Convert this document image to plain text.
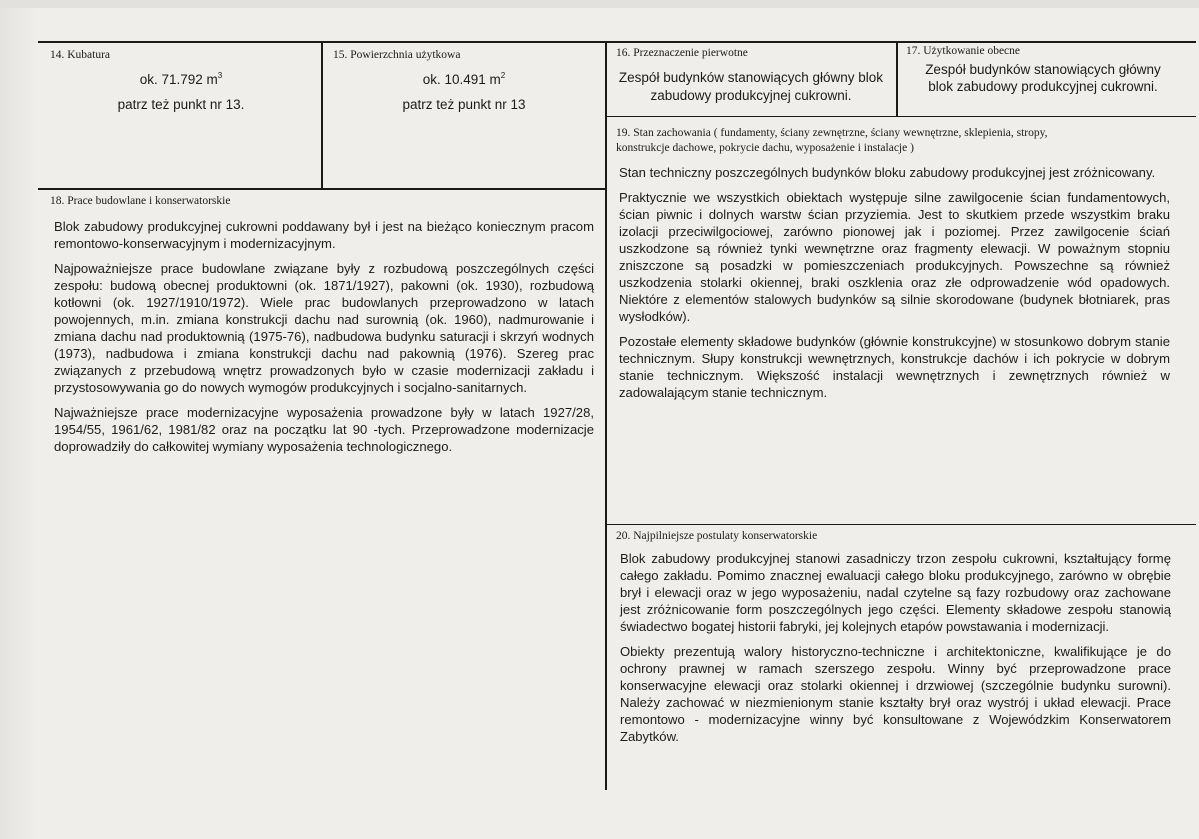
14. Kubatura
ok. 71.792 $m^3$
patrz też punkt nr 13.
15. Powierzchnia użytkowa
ok. 10.491 $m^2$
patrz też punkt nr 13
16. Przeznaczenie pierwotne
Zespół budynków stanowiących główny blok
zabudowy produkcyjnej cukrowni.
17. Użytkowanie obecne
Zespół budynków stanowiących główny
blok zabudowy produkcyjnej cukrowni.
18. Prace budowlane i konserwatorskie

Blok zabudowy produkcyjnej cukrowni poddawany był i jest na bieżąco koniecznym pracom remontowo-konserwacyjnym i modernizacyjnym.

Najpoważniejsze prace budowlane związane były z rozbudową poszczególnych części zespołu: budową obecnej produktowni (ok. 1871/1927), pakowni (ok. 1930), rozbudową kotłowni (ok. 1927/1910/1972). Wiele prac budowlanych przeprowadzono w latach powojennych, m.in. zmiana konstrukcji dachu nad surownią (ok. 1960), nadmurowanie i zmiana dachu nad produktownią (1975-76), nadbudowa budynku saturacji i skrzyń wodnych (1973), nadbudowa i zmiana konstrukcji dachu nad pakownią (1976). Szereg prac związanych z przebudową wnętrz prowadzonych było w czasie modernizacji zakładu i przystosowywania go do nowych wymogów produkcyjnych i socjalno-sanitarnych.

Najważniejsze prace modernizacyjne wyposażenia prowadzone były w latach 1927/28, 1954/55, 1961/62, 1981/82 oraz na początku lat 90 -tych. Przeprowadzone modernizacje doprowadziły do całkowitej wymiany wyposażenia technologicznego.

19. Stan zachowania ( fundamenty, ściany zewnętrzne, ściany wewnętrzne, sklepienia, stropy,
konstrukcje dachowe, pokrycie dachu, wyposażenie i instalacje )

Stan techniczny poszczególnych budynków bloku zabudowy produkcyjnej jest zróżnicowany.

Praktycznie we wszystkich obiektach występuje silne zawilgocenie ścian fundamentowych, ścian piwnic i dolnych warstw ścian przyziemia. Jest to skutkiem przede wszystkim braku izolacji przeciwilgociowej, zarówno pionowej jak i poziomej. Przez zawilgocenie ściań uszkodzone są również tynki wewnętrzne oraz fragmenty elewacji. W poważnym stopniu zniszczone są posadzki w pomieszczeniach produkcyjnych. Powszechne są również uszkodzenia stolarki okiennej, braki oszklenia oraz złe odprowadzenie wód opadowych. Niektóre z elementów stalowych budynków są silnie skorodowane (budynek błotniarek, pras wysłodków).

Pozostałe elementy składowe budynków (głównie konstrukcyjne) w stosunkowo dobrym stanie technicznym. Słupy konstrukcji wewnętrznych, konstrukcje dachów i ich pokrycie w dobrym stanie technicznym. Większość instalacji wewnętrznych i zewnętrznych również w zadowalającym stanie technicznym.

20. Najpilniejsze postulaty konserwatorskie

Blok zabudowy produkcyjnej stanowi zasadniczy trzon zespołu cukrowni, kształtujący formę całego zakładu. Pomimo znacznej ewaluacji całego bloku produkcyjnego, zarówno w obrębie brył i elewacji oraz w jego wyposażeniu, nadal czytelne są fazy rozbudowy oraz zachowane jest zróżnicowanie form poszczególnych jego części. Elementy składowe zespołu stanowią świadectwo bogatej historii fabryki, jej kolejnych etapów powstawania i modernizacji.

Obiekty prezentują walory historyczno-techniczne i architektoniczne, kwalifikujące je do ochrony prawnej w ramach szerszego zespołu. Winny być przeprowadzone prace konserwacyjne elewacji oraz stolarki okiennej i drzwiowej (szczególnie budynku surowni). Należy zachować w niezmienionym stanie kształty brył oraz wystrój i układ elewacji. Prace remontowo - modernizacyjne winny być konsultowane z Wojewódzkim Konserwatorem Zabytków.
